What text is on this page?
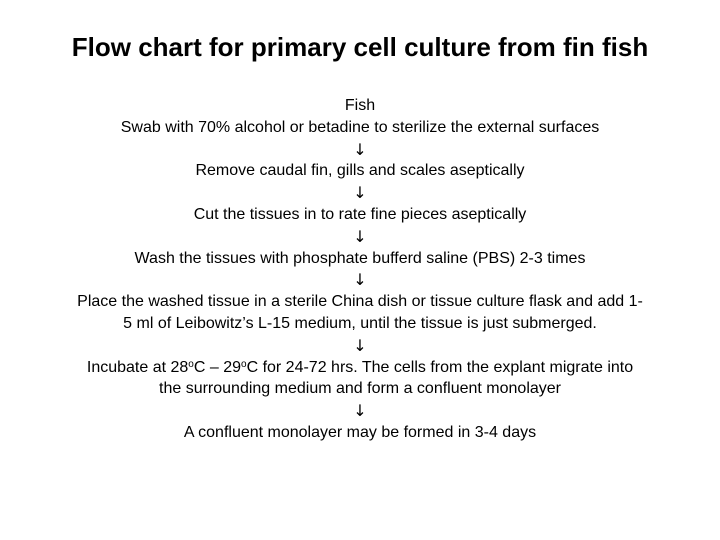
Flow chart for primary cell culture from fin fish
Fish
Swab with 70% alcohol or betadine to sterilize the external surfaces
↓
Remove caudal fin, gills and scales aseptically
↓
Cut the tissues in to rate fine pieces aseptically
↓
Wash the tissues with phosphate bufferd saline (PBS) 2-3 times
↓
Place the washed tissue in a sterile China dish or tissue culture flask and add 1-
5 ml of Leibowitz’s L-15 medium, until the tissue is just submerged.
↓
Incubate at 28$^o$C – 29$^o$C for 24-72 hrs. The cells from the explant migrate into
the surrounding medium and form a confluent monolayer
↓
A confluent monolayer may be formed in 3-4 days
